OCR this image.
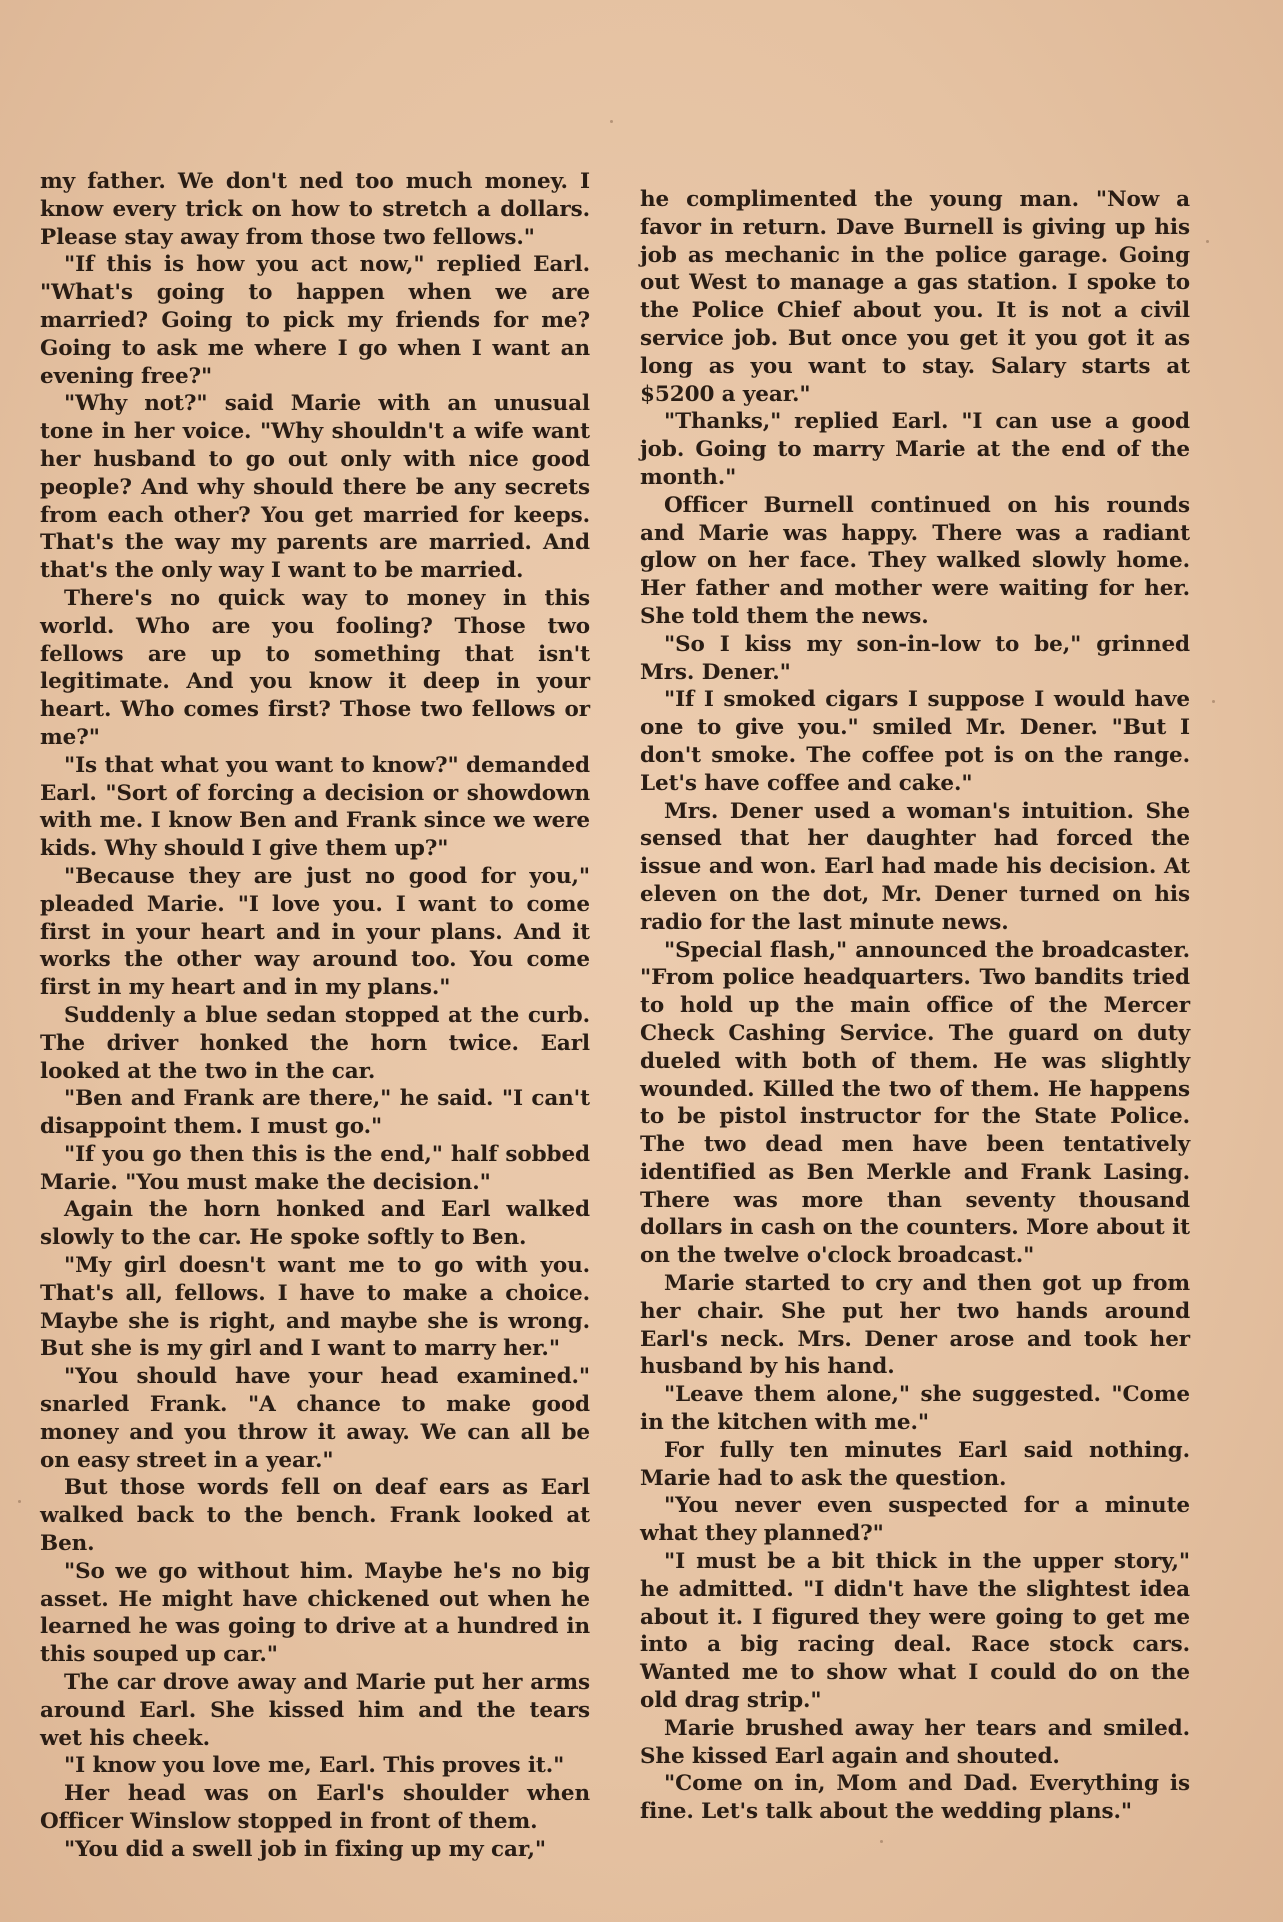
my father. We don't ned too much money. I know every trick on how to stretch a dollars. Please stay away from those two fellows."

"If this is how you act now," replied Earl. "What's going to happen when we are married? Going to pick my friends for me? Going to ask me where I go when I want an evening free?"

"Why not?" said Marie with an unusual tone in her voice. "Why shouldn't a wife want her husband to go out only with nice good people? And why should there be any secrets from each other? You get married for keeps. That's the way my parents are married. And that's the only way I want to be married.

There's no quick way to money in this world. Who are you fooling? Those two fellows are up to something that isn't legitimate. And you know it deep in your heart. Who comes first? Those two fellows or me?"

"Is that what you want to know?" demanded Earl. "Sort of forcing a decision or showdown with me. I know Ben and Frank since we were kids. Why should I give them up?"

"Because they are just no good for you," pleaded Marie. "I love you. I want to come first in your heart and in your plans. And it works the other way around too. You come first in my heart and in my plans."

Suddenly a blue sedan stopped at the curb. The driver honked the horn twice. Earl looked at the two in the car.

"Ben and Frank are there," he said. "I can't disappoint them. I must go."

"If you go then this is the end," half sobbed Marie. "You must make the decision."

Again the horn honked and Earl walked slowly to the car. He spoke softly to Ben.

"My girl doesn't want me to go with you. That's all, fellows. I have to make a choice. Maybe she is right, and maybe she is wrong. But she is my girl and I want to marry her."

"You should have your head examined." snarled Frank. "A chance to make good money and you throw it away. We can all be on easy street in a year."

But those words fell on deaf ears as Earl walked back to the bench. Frank looked at Ben.

"So we go without him. Maybe he's no big asset. He might have chickened out when he learned he was going to drive at a hundred in this souped up car."

The car drove away and Marie put her arms around Earl. She kissed him and the tears wet his cheek.

"I know you love me, Earl. This proves it."

Her head was on Earl's shoulder when Officer Winslow stopped in front of them.

"You did a swell job in fixing up my car,"

he complimented the young man. "Now a favor in return. Dave Burnell is giving up his job as mechanic in the police garage. Going out West to manage a gas station. I spoke to the Police Chief about you. It is not a civil service job. But once you get it you got it as long as you want to stay. Salary starts at $5200 a year."

"Thanks," replied Earl. "I can use a good job. Going to marry Marie at the end of the month."

Officer Burnell continued on his rounds and Marie was happy. There was a radiant glow on her face. They walked slowly home. Her father and mother were waiting for her. She told them the news.

"So I kiss my son-in-low to be," grinned Mrs. Dener."

"If I smoked cigars I suppose I would have one to give you." smiled Mr. Dener. "But I don't smoke. The coffee pot is on the range. Let's have coffee and cake."

Mrs. Dener used a woman's intuition. She sensed that her daughter had forced the issue and won. Earl had made his decision. At eleven on the dot, Mr. Dener turned on his radio for the last minute news.

"Special flash," announced the broadcaster. "From police headquarters. Two bandits tried to hold up the main office of the Mercer Check Cashing Service. The guard on duty dueled with both of them. He was slightly wounded. Killed the two of them. He happens to be pistol instructor for the State Police. The two dead men have been tentatively identified as Ben Merkle and Frank Lasing. There was more than seventy thousand dollars in cash on the counters. More about it on the twelve o'clock broadcast."

Marie started to cry and then got up from her chair. She put her two hands around Earl's neck. Mrs. Dener arose and took her husband by his hand.

"Leave them alone," she suggested. "Come in the kitchen with me."

For fully ten minutes Earl said nothing. Marie had to ask the question.

"You never even suspected for a minute what they planned?"

"I must be a bit thick in the upper story," he admitted. "I didn't have the slightest idea about it. I figured they were going to get me into a big racing deal. Race stock cars. Wanted me to show what I could do on the old drag strip."

Marie brushed away her tears and smiled. She kissed Earl again and shouted.

"Come on in, Mom and Dad. Everything is fine. Let's talk about the wedding plans."
